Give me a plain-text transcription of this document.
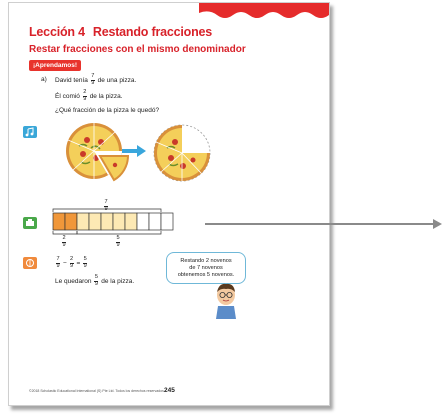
Lección 4 Restando fracciones
Restar fracciones con el mismo denominador
¡Aprendamos!
a) David tenía $\frac{7}{9}$ de una pizza.
Él comió $\frac{2}{9}$ de la pizza.
¿Qué fracción de la pizza le quedó?
$\frac{7}{9}$
$\frac{2}{9}$	$\frac{5}{9}$
$\frac{7}{9} - \frac{2}{9} = \frac{5}{9}$
Le quedaron $\frac{5}{9}$ de la pizza.
Restando 2 novenos
de 7 novenos
obtenemos 5 novenos.
©2018 Scholastic Educational International (S) Pte Ltd. Todos los derechos reservados. 245
